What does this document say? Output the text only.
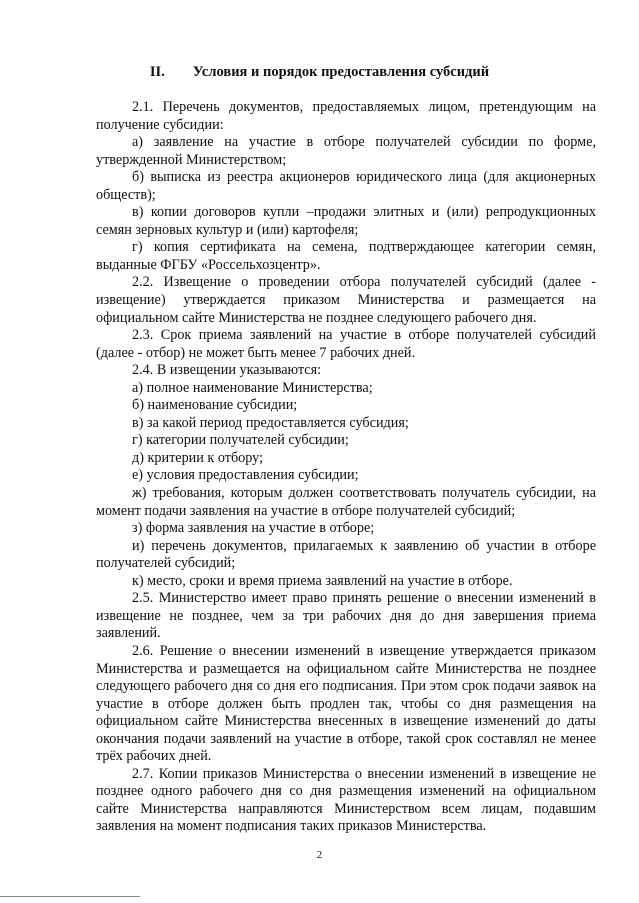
II. Условия и порядок предоставления субсидий

2.1. Перечень документов, предоставляемых лицом, претендующим на получение субсидии:

а) заявление на участие в отборе получателей субсидии по форме, утвержденной Министерством;

б) выписка из реестра акционеров юридического лица (для акционерных обществ);

в) копии договоров купли –продажи элитных и (или) репродукционных семян зерновых культур и (или) картофеля;

г) копия сертификата на семена, подтверждающее категории семян, выданные ФГБУ «Россельхозцентр».

2.2. Извещение о проведении отбора получателей субсидий (далее - извещение) утверждается приказом Министерства и размещается на официальном сайте Министерства не позднее следующего рабочего дня.

2.3. Срок приема заявлений на участие в отборе получателей субсидий (далее - отбор) не может быть менее 7 рабочих дней.

2.4. В извещении указываются:

а) полное наименование Министерства;

б) наименование субсидии;

в) за какой период предоставляется субсидия;

г) категории получателей субсидии;

д) критерии к отбору;

е) условия предоставления субсидии;

ж) требования, которым должен соответствовать получатель субсидии, на момент подачи заявления на участие в отборе получателей субсидий;

з) форма заявления на участие в отборе;

и) перечень документов, прилагаемых к заявлению об участии в отборе получателей субсидий;

к) место, сроки и время приема заявлений на участие в отборе.

2.5. Министерство имеет право принять решение о внесении изменений в извещение не позднее, чем за три рабочих дня до дня завершения приема заявлений.

2.6. Решение о внесении изменений в извещение утверждается приказом Министерства и размещается на официальном сайте Министерства не позднее следующего рабочего дня со дня его подписания. При этом срок подачи заявок на участие в отборе должен быть продлен так, чтобы со дня размещения на официальном сайте Министерства внесенных в извещение изменений до даты окончания подачи заявлений на участие в отборе, такой срок составлял не менее трёх рабочих дней.

2.7. Копии приказов Министерства о внесении изменений в извещение не позднее одного рабочего дня со дня размещения изменений на официальном сайте Министерства направляются Министерством всем лицам, подавшим заявления на момент подписания таких приказов Министерства.

2
